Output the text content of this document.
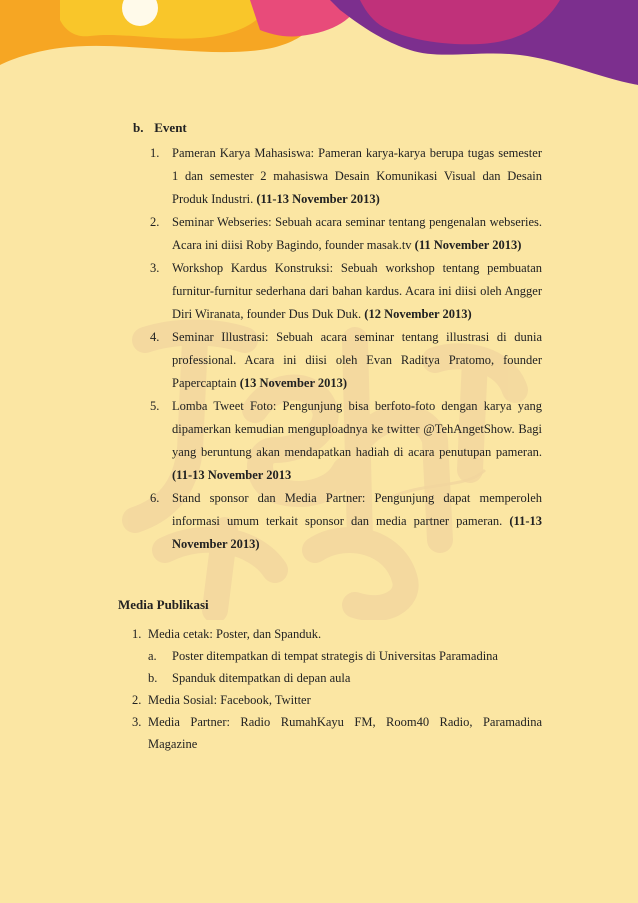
b. Event
1. Pameran Karya Mahasiswa: Pameran karya-karya berupa tugas semester 1 dan semester 2 mahasiswa Desain Komunikasi Visual dan Desain Produk Industri. (11-13 November 2013)
2. Seminar Webseries: Sebuah acara seminar tentang pengenalan webseries. Acara ini diisi Roby Bagindo, founder masak.tv (11 November 2013)
3. Workshop Kardus Konstruksi: Sebuah workshop tentang pembuatan furnitur-furnitur sederhana dari bahan kardus. Acara ini diisi oleh Angger Diri Wiranata, founder Dus Duk Duk. (12 November 2013)
4. Seminar Illustrasi: Sebuah acara seminar tentang illustrasi di dunia professional. Acara ini diisi oleh Evan Raditya Pratomo, founder Papercaptain (13 November 2013)
5. Lomba Tweet Foto: Pengunjung bisa berfoto-foto dengan karya yang dipamerkan kemudian menguploadnya ke twitter @TehAngetShow. Bagi yang beruntung akan mendapatkan hadiah di acara penutupan pameran. (11-13 November 2013
6. Stand sponsor dan Media Partner: Pengunjung dapat memperoleh informasi umum terkait sponsor dan media partner pameran. (11-13 November 2013)
Media Publikasi
1. Media cetak: Poster, dan Spanduk.
a. Poster ditempatkan di tempat strategis di Universitas Paramadina
b. Spanduk ditempatkan di depan aula
2. Media Sosial: Facebook, Twitter
3. Media Partner: Radio RumahKayu FM, Room40 Radio, Paramadina Magazine
